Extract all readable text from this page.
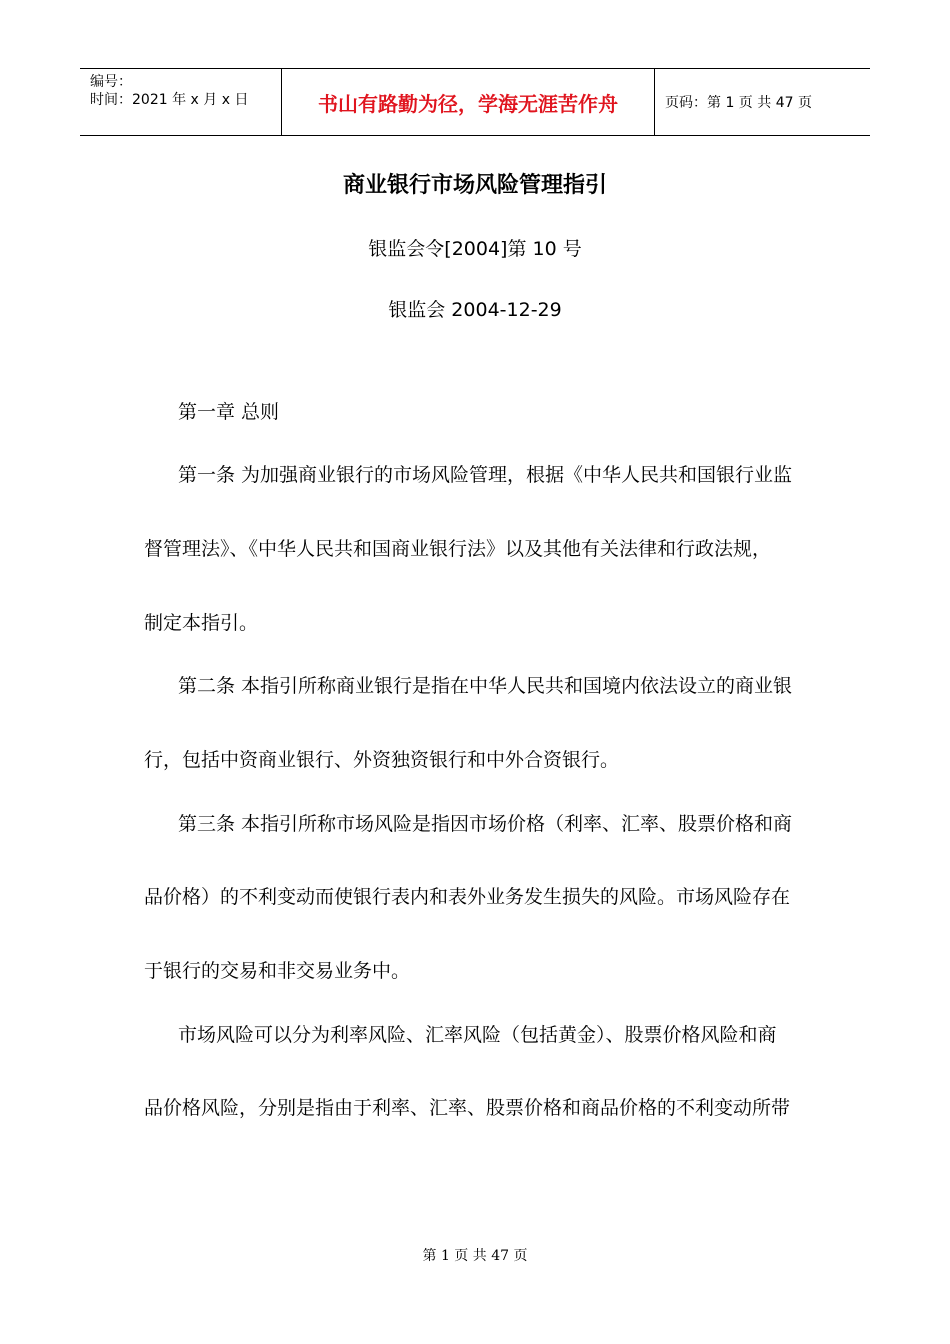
编号：
时间：2021 年 x 月 x 日	书山有路勤为径，学海无涯苦作舟	页码：第 1 页 共 47 页
商业银行市场风险管理指引
银监会令[2004]第 10 号
银监会 2004-12-29
第一章 总则
第一条 为加强商业银行的市场风险管理，根据《中华人民共和国银行业监
督管理法》、《中华人民共和国商业银行法》以及其他有关法律和行政法规，
制定本指引。
第二条 本指引所称商业银行是指在中华人民共和国境内依法设立的商业银
行，包括中资商业银行、外资独资银行和中外合资银行。
第三条 本指引所称市场风险是指因市场价格（利率、汇率、股票价格和商
品价格）的不利变动而使银行表内和表外业务发生损失的风险。市场风险存在
于银行的交易和非交易业务中。
市场风险可以分为利率风险、汇率风险（包括黄金）、股票价格风险和商
品价格风险，分别是指由于利率、汇率、股票价格和商品价格的不利变动所带
第 1 页 共 47 页
